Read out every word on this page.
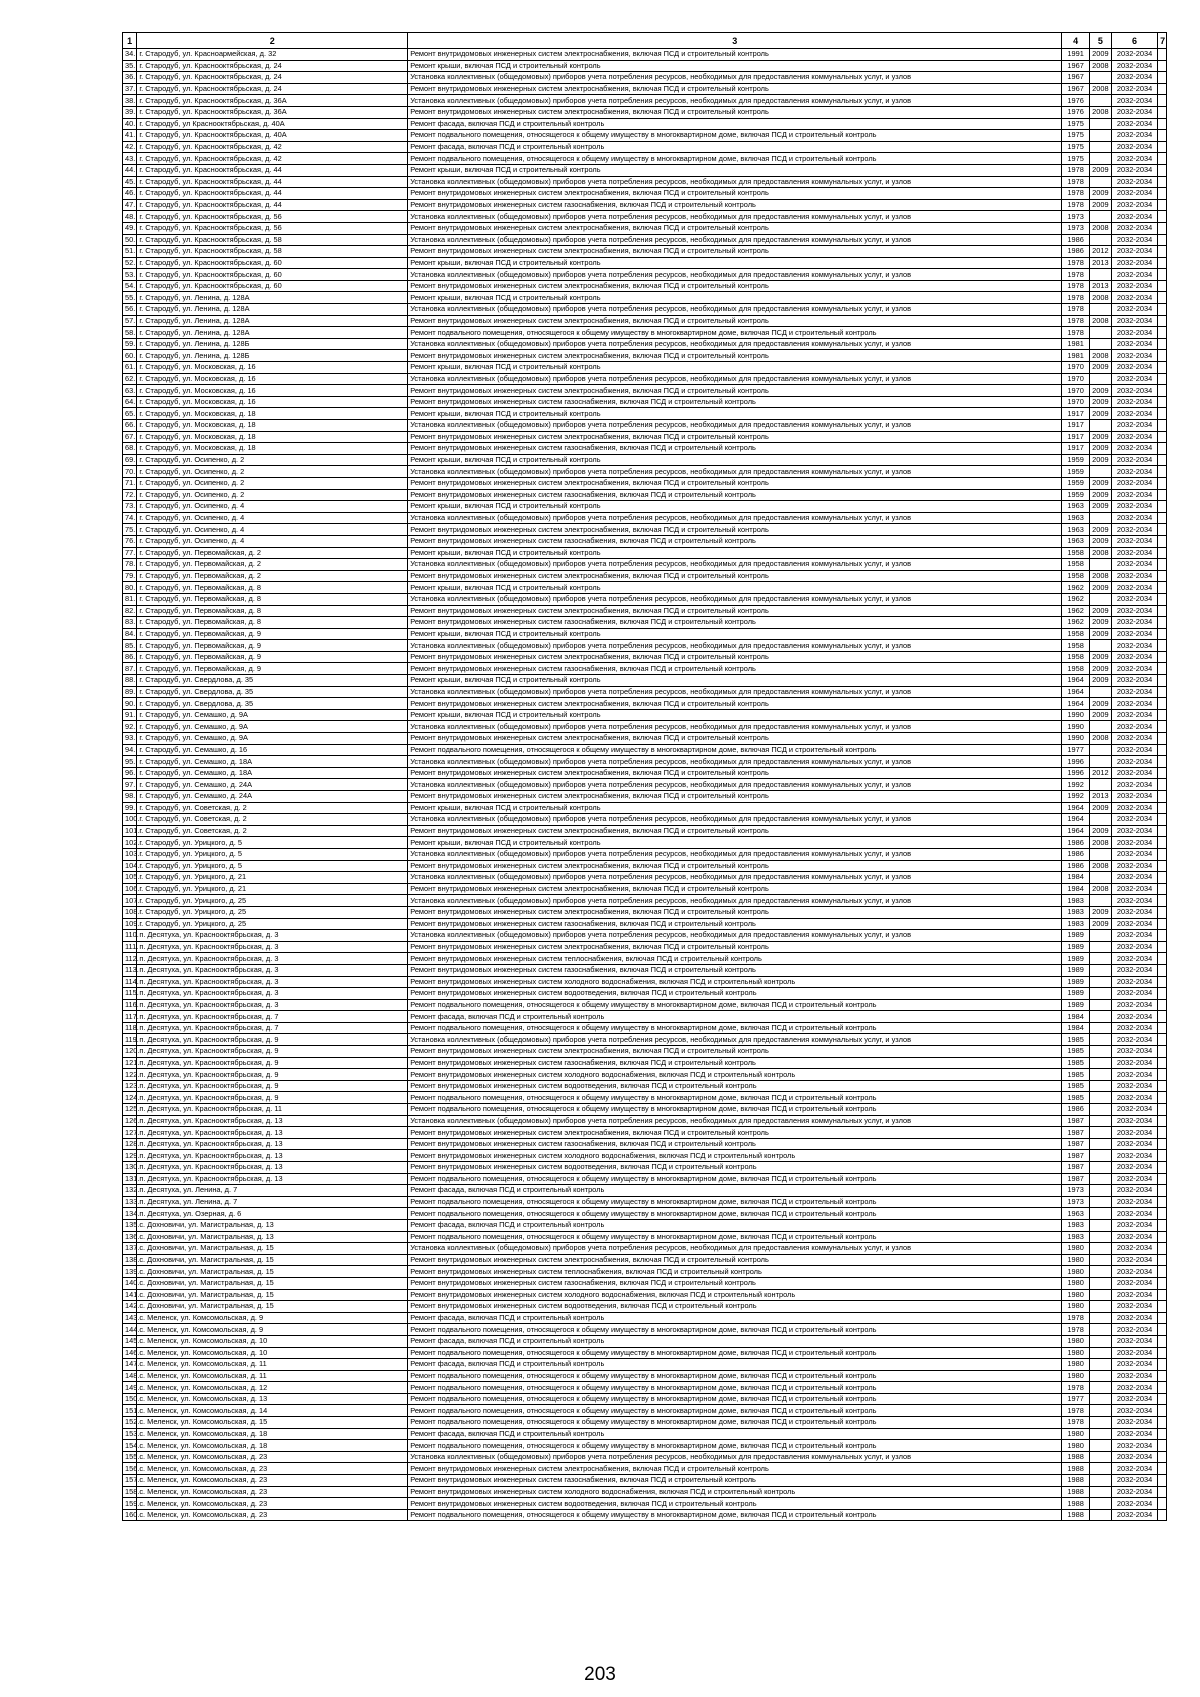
1	2	3	4	5	6	7
34.	г. Стародуб, ул. Красноармейская, д. 32	Ремонт внутридомовых инженерных систем электроснабжения, включая ПСД и строительный контроль	1991	2009	2032-2034	
35.	г. Стародуб, ул. Краснооктябрьская, д. 24	Ремонт крыши, включая ПСД и строительный контроль	1967	2008	2032-2034	
36.	г. Стародуб, ул. Краснооктябрьская, д. 24	Установка коллективных (общедомовых) приборов учета потребления ресурсов, необходимых для предоставления коммунальных услуг, и узлов	1967		2032-2034	
37.	г. Стародуб, ул. Краснооктябрьская, д. 24	Ремонт внутридомовых инженерных систем электроснабжения, включая ПСД и строительный контроль	1967	2008	2032-2034	
38.	г. Стародуб, ул. Краснооктябрьская, д. 36А	Установка коллективных (общедомовых) приборов учета потребления ресурсов, необходимых для предоставления коммунальных услуг, и узлов	1976		2032-2034	
39.	г. Стародуб, ул. Краснооктябрьская, д. 36А	Ремонт внутридомовых инженерных систем электроснабжения, включая ПСД и строительный контроль	1976	2008	2032-2034	
40.	г. Стародуб, ул Краснооктябрьская, д. 40А	Ремонт фасада, включая ПСД и строительный контроль	1975		2032-2034	
41.	г. Стародуб, ул. Краснооктябрьская, д. 40А	Ремонт подвального помещения, относящегося к общему имуществу в многоквартирном доме, включая ПСД и строительный контроль	1975		2032-2034	
42.	г. Стародуб, ул. Краснооктябрьская, д. 42	Ремонт фасада, включая ПСД и строительный контроль	1975		2032-2034	
43.	г. Стародуб, ул. Краснооктябрьская, д. 42	Ремонт подвального помещения, относящегося к общему имуществу в многоквартирном доме, включая ПСД и строительный контроль	1975		2032-2034	
44.	г. Стародуб, ул. Краснооктябрьская, д. 44	Ремонт крыши, включая ПСД и строительный контроль	1978	2009	2032-2034	
45.	г. Стародуб, ул. Краснооктябрьская, д. 44	Установка коллективных (общедомовых) приборов учета потребления ресурсов, необходимых для предоставления коммунальных услуг, и узлов	1978		2032-2034	
46.	г. Стародуб, ул. Краснооктябрьская, д. 44	Ремонт внутридомовых инженерных систем электроснабжения, включая ПСД и строительный контроль	1978	2009	2032-2034	
47.	г. Стародуб, ул. Краснооктябрьская, д. 44	Ремонт внутридомовых инженерных систем газоснабжения, включая ПСД и строительный контроль	1978	2009	2032-2034	
48.	г. Стародуб, ул. Краснооктябрьская, д. 56	Установка коллективных (общедомовых) приборов учета потребления ресурсов, необходимых для предоставления коммунальных услуг, и узлов	1973		2032-2034	
49.	г. Стародуб, ул. Краснооктябрьская, д. 56	Ремонт внутридомовых инженерных систем электроснабжения, включая ПСД и строительный контроль	1973	2008	2032-2034	
50.	г. Стародуб, ул. Краснооктябрьская, д. 58	Установка коллективных (общедомовых) приборов учета потребления ресурсов, необходимых для предоставления коммунальных услуг, и узлов	1986		2032-2034	
51.	г. Стародуб, ул. Краснооктябрьская, д. 58	Ремонт внутридомовых инженерных систем электроснабжения, включая ПСД и строительный контроль	1986	2012	2032-2034	
52.	г. Стародуб, ул. Краснооктябрьская, д. 60	Ремонт крыши, включая ПСД и строительный контроль	1978	2013	2032-2034	
53.	г. Стародуб, ул. Краснооктябрьская, д. 60	Установка коллективных (общедомовых) приборов учета потребления ресурсов, необходимых для предоставления коммунальных услуг, и узлов	1978		2032-2034	
54.	г. Стародуб, ул. Краснооктябрьская, д. 60	Ремонт внутридомовых инженерных систем электроснабжения, включая ПСД и строительный контроль	1978	2013	2032-2034	
55.	г. Стародуб, ул. Ленина, д. 128А	Ремонт крыши, включая ПСД и строительный контроль	1978	2008	2032-2034	
56.	г. Стародуб, ул. Ленина, д. 128А	Установка коллективных (общедомовых) приборов учета потребления ресурсов, необходимых для предоставления коммунальных услуг, и узлов	1978		2032-2034	
57.	г. Стародуб, ул. Ленина, д. 128А	Ремонт внутридомовых инженерных систем электроснабжения, включая ПСД и строительный контроль	1978	2008	2032-2034	
58.	г. Стародуб, ул. Ленина, д. 128А	Ремонт подвального помещения, относящегося к общему имуществу в многоквартирном доме, включая ПСД и строительный контроль	1978		2032-2034	
59.	г. Стародуб, ул. Ленина, д. 128Б	Установка коллективных (общедомовых) приборов учета потребления ресурсов, необходимых для предоставления коммунальных услуг, и узлов	1981		2032-2034	
60.	г. Стародуб, ул. Ленина, д. 128Б	Ремонт внутридомовых инженерных систем электроснабжения, включая ПСД и строительный контроль	1981	2008	2032-2034	
61.	г. Стародуб, ул. Московская, д. 16	Ремонт крыши, включая ПСД и строительный контроль	1970	2009	2032-2034	
62.	г. Стародуб, ул. Московская, д. 16	Установка коллективных (общедомовых) приборов учета потребления ресурсов, необходимых для предоставления коммунальных услуг, и узлов	1970		2032-2034	
63.	г. Стародуб, ул. Московская, д. 16	Ремонт внутридомовых инженерных систем электроснабжения, включая ПСД и строительный контроль	1970	2009	2032-2034	
64.	г. Стародуб, ул. Московская, д. 16	Ремонт внутридомовых инженерных систем газоснабжения, включая ПСД и строительный контроль	1970	2009	2032-2034	
65.	г. Стародуб, ул. Московская, д. 18	Ремонт крыши, включая ПСД и строительный контроль	1917	2009	2032-2034	
66.	г. Стародуб, ул. Московская, д. 18	Установка коллективных (общедомовых) приборов учета потребления ресурсов, необходимых для предоставления коммунальных услуг, и узлов	1917		2032-2034	
67.	г. Стародуб, ул. Московская, д. 18	Ремонт внутридомовых инженерных систем электроснабжения, включая ПСД и строительный контроль	1917	2009	2032-2034	
68.	г. Стародуб, ул. Московская, д. 18	Ремонт внутридомовых инженерных систем газоснабжения, включая ПСД и строительный контроль	1917	2009	2032-2034	
69.	г. Стародуб, ул. Осипенко, д. 2	Ремонт крыши, включая ПСД и строительный контроль	1959	2009	2032-2034	
70.	г. Стародуб, ул. Осипенко, д. 2	Установка коллективных (общедомовых) приборов учета потребления ресурсов, необходимых для предоставления коммунальных услуг, и узлов	1959		2032-2034	
71.	г. Стародуб, ул. Осипенко, д. 2	Ремонт внутридомовых инженерных систем электроснабжения, включая ПСД и строительный контроль	1959	2009	2032-2034	
72.	г. Стародуб, ул. Осипенко, д. 2	Ремонт внутридомовых инженерных систем газоснабжения, включая ПСД и строительный контроль	1959	2009	2032-2034	
73.	г. Стародуб, ул. Осипенко, д. 4	Ремонт крыши, включая ПСД и строительный контроль	1963	2009	2032-2034	
74.	г. Стародуб, ул. Осипенко, д. 4	Установка коллективных (общедомовых) приборов учета потребления ресурсов, необходимых для предоставления коммунальных услуг, и узлов	1963		2032-2034	
75.	г. Стародуб, ул. Осипенко, д. 4	Ремонт внутридомовых инженерных систем электроснабжения, включая ПСД и строительный контроль	1963	2009	2032-2034	
76.	г. Стародуб, ул. Осипенко, д. 4	Ремонт внутридомовых инженерных систем газоснабжения, включая ПСД и строительный контроль	1963	2009	2032-2034	
77.	г. Стародуб, ул. Первомайская, д. 2	Ремонт крыши, включая ПСД и строительный контроль	1958	2008	2032-2034	
78.	г. Стародуб, ул. Первомайская, д. 2	Установка коллективных (общедомовых) приборов учета потребления ресурсов, необходимых для предоставления коммунальных услуг, и узлов	1958		2032-2034	
79.	г. Стародуб, ул. Первомайская, д. 2	Ремонт внутридомовых инженерных систем электроснабжения, включая ПСД и строительный контроль	1958	2008	2032-2034	
80.	г. Стародуб, ул. Первомайская, д. 8	Ремонт крыши, включая ПСД и строительный контроль	1962	2009	2032-2034	
81.	г. Стародуб, ул. Первомайская, д. 8	Установка коллективных (общедомовых) приборов учета потребления ресурсов, необходимых для предоставления коммунальных услуг, и узлов	1962		2032-2034	
82.	г. Стародуб, ул. Первомайская, д. 8	Ремонт внутридомовых инженерных систем электроснабжения, включая ПСД и строительный контроль	1962	2009	2032-2034	
83.	г. Стародуб, ул. Первомайская, д. 8	Ремонт внутридомовых инженерных систем газоснабжения, включая ПСД и строительный контроль	1962	2009	2032-2034	
84.	г. Стародуб, ул. Первомайская, д. 9	Ремонт крыши, включая ПСД и строительный контроль	1958	2009	2032-2034	
85.	г. Стародуб, ул. Первомайская, д. 9	Установка коллективных (общедомовых) приборов учета потребления ресурсов, необходимых для предоставления коммунальных услуг, и узлов	1958		2032-2034	
86.	г. Стародуб, ул. Первомайская, д. 9	Ремонт внутридомовых инженерных систем электроснабжения, включая ПСД и строительный контроль	1958	2009	2032-2034	
87.	г. Стародуб, ул. Первомайская, д. 9	Ремонт внутридомовых инженерных систем газоснабжения, включая ПСД и строительный контроль	1958	2009	2032-2034	
88.	г. Стародуб, ул. Свердлова, д. 35	Ремонт крыши, включая ПСД и строительный контроль	1964	2009	2032-2034	
89.	г. Стародуб, ул. Свердлова, д. 35	Установка коллективных (общедомовых) приборов учета потребления ресурсов, необходимых для предоставления коммунальных услуг, и узлов	1964		2032-2034	
90.	г. Стародуб, ул. Свердлова, д. 35	Ремонт внутридомовых инженерных систем электроснабжения, включая ПСД и строительный контроль	1964	2009	2032-2034	
91.	г. Стародуб, ул. Семашко, д. 9А	Ремонт крыши, включая ПСД и строительный контроль	1990	2009	2032-2034	
92.	г. Стародуб, ул. Семашко, д. 9А	Установка коллективных (общедомовых) приборов учета потребления ресурсов, необходимых для предоставления коммунальных услуг, и узлов	1990		2032-2034	
93.	г. Стародуб, ул. Семашко, д. 9А	Ремонт внутридомовых инженерных систем электроснабжения, включая ПСД и строительный контроль	1990	2008	2032-2034	
94.	г. Стародуб, ул. Семашко, д. 16	Ремонт подвального помещения, относящегося к общему имуществу в многоквартирном доме, включая ПСД и строительный контроль	1977		2032-2034	
95.	г. Стародуб, ул. Семашко, д. 18А	Установка коллективных (общедомовых) приборов учета потребления ресурсов, необходимых для предоставления коммунальных услуг, и узлов	1996		2032-2034	
96.	г. Стародуб, ул. Семашко, д. 18А	Ремонт внутридомовых инженерных систем электроснабжения, включая ПСД и строительный контроль	1996	2012	2032-2034	
97.	г. Стародуб, ул. Семашко, д. 24А	Установка коллективных (общедомовых) приборов учета потребления ресурсов, необходимых для предоставления коммунальных услуг, и узлов	1992		2032-2034	
98.	г. Стародуб, ул. Семашко, д. 24А	Ремонт внутридомовых инженерных систем электроснабжения, включая ПСД и строительный контроль	1992	2013	2032-2034	
99.	г. Стародуб, ул. Советская, д. 2	Ремонт крыши, включая ПСД и строительный контроль	1964	2009	2032-2034	
100.	г. Стародуб, ул. Советская, д. 2	Установка коллективных (общедомовых) приборов учета потребления ресурсов, необходимых для предоставления коммунальных услуг, и узлов	1964		2032-2034	
101.	г. Стародуб, ул. Советская, д. 2	Ремонт внутридомовых инженерных систем электроснабжения, включая ПСД и строительный контроль	1964	2009	2032-2034	
102.	г. Стародуб, ул. Урицкого, д. 5	Ремонт крыши, включая ПСД и строительный контроль	1986	2008	2032-2034	
103.	г. Стародуб, ул. Урицкого, д. 5	Установка коллективных (общедомовых) приборов учета потребления ресурсов, необходимых для предоставления коммунальных услуг, и узлов	1986		2032-2034	
104.	г. Стародуб, ул. Урицкого, д. 5	Ремонт внутридомовых инженерных систем электроснабжения, включая ПСД и строительный контроль	1986	2008	2032-2034	
105.	г. Стародуб, ул. Урицкого, д. 21	Установка коллективных (общедомовых) приборов учета потребления ресурсов, необходимых для предоставления коммунальных услуг, и узлов	1984		2032-2034	
106.	г. Стародуб, ул. Урицкого, д. 21	Ремонт внутридомовых инженерных систем электроснабжения, включая ПСД и строительный контроль	1984	2008	2032-2034	
107.	г. Стародуб, ул. Урицкого, д. 25	Установка коллективных (общедомовых) приборов учета потребления ресурсов, необходимых для предоставления коммунальных услуг, и узлов	1983		2032-2034	
108.	г. Стародуб, ул. Урицкого, д. 25	Ремонт внутридомовых инженерных систем электроснабжения, включая ПСД и строительный контроль	1983	2009	2032-2034	
109.	г. Стародуб, ул. Урицкого, д. 25	Ремонт внутридомовых инженерных систем газоснабжения, включая ПСД и строительный контроль	1983	2009	2032-2034	
110.	п. Десятуха, ул. Краснооктябрьская, д. 3	Установка коллективных (общедомовых) приборов учета потребления ресурсов, необходимых для предоставления коммунальных услуг, и узлов	1989		2032-2034	
111.	п. Десятуха, ул. Краснооктябрьская, д. 3	Ремонт внутридомовых инженерных систем электроснабжения, включая ПСД и строительный контроль	1989		2032-2034	
112.	п. Десятуха, ул. Краснооктябрьская, д. 3	Ремонт внутридомовых инженерных систем теплоснабжения, включая ПСД и строительный контроль	1989		2032-2034	
113.	п. Десятуха, ул. Краснооктябрьская, д. 3	Ремонт внутридомовых инженерных систем газоснабжения, включая ПСД и строительный контроль	1989		2032-2034	
114.	п. Десятуха, ул. Краснооктябрьская, д. 3	Ремонт внутридомовых инженерных систем холодного водоснабжения, включая ПСД и строительный контроль	1989		2032-2034	
115.	п. Десятуха, ул. Краснооктябрьская, д. 3	Ремонт внутридомовых инженерных систем водоотведения, включая ПСД и строительный контроль	1989		2032-2034	
116.	п. Десятуха, ул. Краснооктябрьская, д. 3	Ремонт подвального помещения, относящегося к общему имуществу в многоквартирном доме, включая ПСД и строительный контроль	1989		2032-2034	
117.	п. Десятуха, ул. Краснооктябрьская, д. 7	Ремонт фасада, включая ПСД и строительный контроль	1984		2032-2034	
118.	п. Десятуха, ул. Краснооктябрьская, д. 7	Ремонт подвального помещения, относящегося к общему имуществу в многоквартирном доме, включая ПСД и строительный контроль	1984		2032-2034	
119.	п. Десятуха, ул. Краснооктябрьская, д. 9	Установка коллективных (общедомовых) приборов учета потребления ресурсов, необходимых для предоставления коммунальных услуг, и узлов	1985		2032-2034	
120.	п. Десятуха, ул. Краснооктябрьская, д. 9	Ремонт внутридомовых инженерных систем электроснабжения, включая ПСД и строительный контроль	1985		2032-2034	
121.	п. Десятуха, ул. Краснооктябрьская, д. 9	Ремонт внутридомовых инженерных систем газоснабжения, включая ПСД и строительный контроль	1985		2032-2034	
122.	п. Десятуха, ул. Краснооктябрьская, д. 9	Ремонт внутридомовых инженерных систем холодного водоснабжения, включая ПСД и строительный контроль	1985		2032-2034	
123.	п. Десятуха, ул. Краснооктябрьская, д. 9	Ремонт внутридомовых инженерных систем водоотведения, включая ПСД и строительный контроль	1985		2032-2034	
124.	п. Десятуха, ул. Краснооктябрьская, д. 9	Ремонт подвального помещения, относящегося к общему имуществу в многоквартирном доме, включая ПСД и строительный контроль	1985		2032-2034	
125.	п. Десятуха, ул. Краснооктябрьская, д. 11	Ремонт подвального помещения, относящегося к общему имуществу в многоквартирном доме, включая ПСД и строительный контроль	1986		2032-2034	
126.	п. Десятуха, ул. Краснооктябрьская, д. 13	Установка коллективных (общедомовых) приборов учета потребления ресурсов, необходимых для предоставления коммунальных услуг, и узлов	1987		2032-2034	
127.	п. Десятуха, ул. Краснооктябрьская, д. 13	Ремонт внутридомовых инженерных систем электроснабжения, включая ПСД и строительный контроль	1987		2032-2034	
128.	п. Десятуха, ул. Краснооктябрьская, д. 13	Ремонт внутридомовых инженерных систем газоснабжения, включая ПСД и строительный контроль	1987		2032-2034	
129.	п. Десятуха, ул. Краснооктябрьская, д. 13	Ремонт внутридомовых инженерных систем холодного водоснабжения, включая ПСД и строительный контроль	1987		2032-2034	
130.	п. Десятуха, ул. Краснооктябрьская, д. 13	Ремонт внутридомовых инженерных систем водоотведения, включая ПСД и строительный контроль	1987		2032-2034	
131.	п. Десятуха, ул. Краснооктябрьская, д. 13	Ремонт подвального помещения, относящегося к общему имуществу в многоквартирном доме, включая ПСД и строительный контроль	1987		2032-2034	
132.	п. Десятуха, ул. Ленина, д. 7	Ремонт фасада, включая ПСД и строительный контроль	1973		2032-2034	
133.	п. Десятуха, ул. Ленина, д. 7	Ремонт подвального помещения, относящегося к общему имуществу в многоквартирном доме, включая ПСД и строительный контроль	1973		2032-2034	
134.	п. Десятуха, ул. Озерная, д. 6	Ремонт подвального помещения, относящегося к общему имуществу в многоквартирном доме, включая ПСД и строительный контроль	1963		2032-2034	
135.	с. Дохновичи, ул. Магистральная, д. 13	Ремонт фасада, включая ПСД и строительный контроль	1983		2032-2034	
136.	с. Дохновичи, ул. Магистральная, д. 13	Ремонт подвального помещения, относящегося к общему имуществу в многоквартирном доме, включая ПСД и строительный контроль	1983		2032-2034	
137.	с. Дохновичи, ул. Магистральная, д. 15	Установка коллективных (общедомовых) приборов учета потребления ресурсов, необходимых для предоставления коммунальных услуг, и узлов	1980		2032-2034	
138.	с. Дохновичи, ул. Магистральная, д. 15	Ремонт внутридомовых инженерных систем электроснабжения, включая ПСД и строительный контроль	1980		2032-2034	
139.	с. Дохновичи, ул. Магистральная, д. 15	Ремонт внутридомовых инженерных систем теплоснабжения, включая ПСД и строительный контроль	1980		2032-2034	
140.	с. Дохновичи, ул. Магистральная, д. 15	Ремонт внутридомовых инженерных систем газоснабжения, включая ПСД и строительный контроль	1980		2032-2034	
141.	с. Дохновичи, ул. Магистральная, д. 15	Ремонт внутридомовых инженерных систем холодного водоснабжения, включая ПСД и строительный контроль	1980		2032-2034	
142.	с. Дохновичи, ул. Магистральная, д. 15	Ремонт внутридомовых инженерных систем водоотведения, включая ПСД и строительный контроль	1980		2032-2034	
143.	с. Меленск, ул. Комсомольская, д. 9	Ремонт фасада, включая ПСД и строительный контроль	1978		2032-2034	
144.	с. Меленск, ул. Комсомольская, д. 9	Ремонт подвального помещения, относящегося к общему имуществу в многоквартирном доме, включая ПСД и строительный контроль	1978		2032-2034	
145.	с. Меленск, ул. Комсомольская, д. 10	Ремонт фасада, включая ПСД и строительный контроль	1980		2032-2034	
146.	с. Меленск, ул. Комсомольская, д. 10	Ремонт подвального помещения, относящегося к общему имуществу в многоквартирном доме, включая ПСД и строительный контроль	1980		2032-2034	
147.	с. Меленск, ул. Комсомольская, д. 11	Ремонт фасада, включая ПСД и строительный контроль	1980		2032-2034	
148.	с. Меленск, ул. Комсомольская, д. 11	Ремонт подвального помещения, относящегося к общему имуществу в многоквартирном доме, включая ПСД и строительный контроль	1980		2032-2034	
149.	с. Меленск, ул. Комсомольская, д. 12	Ремонт подвального помещения, относящегося к общему имуществу в многоквартирном доме, включая ПСД и строительный контроль	1978		2032-2034	
150.	с. Меленск, ул. Комсомольская, д. 13	Ремонт подвального помещения, относящегося к общему имуществу в многоквартирном доме, включая ПСД и строительный контроль	1977		2032-2034	
151.	с. Меленск, ул. Комсомольская, д. 14	Ремонт подвального помещения, относящегося к общему имуществу в многоквартирном доме, включая ПСД и строительный контроль	1978		2032-2034	
152.	с. Меленск, ул. Комсомольская, д. 15	Ремонт подвального помещения, относящегося к общему имуществу в многоквартирном доме, включая ПСД и строительный контроль	1978		2032-2034	
153.	с. Меленск, ул. Комсомольская, д. 18	Ремонт фасада, включая ПСД и строительный контроль	1980		2032-2034	
154.	с. Меленск, ул. Комсомольская, д. 18	Ремонт подвального помещения, относящегося к общему имуществу в многоквартирном доме, включая ПСД и строительный контроль	1980		2032-2034	
155.	с. Меленск, ул. Комсомольская, д. 23	Установка коллективных (общедомовых) приборов учета потребления ресурсов, необходимых для предоставления коммунальных услуг, и узлов	1988		2032-2034	
156.	с. Меленск, ул. Комсомольская, д. 23	Ремонт внутридомовых инженерных систем электроснабжения, включая ПСД и строительный контроль	1988		2032-2034	
157.	с. Меленск, ул. Комсомольская, д. 23	Ремонт внутридомовых инженерных систем газоснабжения, включая ПСД и строительный контроль	1988		2032-2034	
158.	с. Меленск, ул. Комсомольская, д. 23	Ремонт внутридомовых инженерных систем холодного водоснабжения, включая ПСД и строительный контроль	1988		2032-2034	
159.	с. Меленск, ул. Комсомольская, д. 23	Ремонт внутридомовых инженерных систем водоотведения, включая ПСД и строительный контроль	1988		2032-2034	
160.	с. Меленск, ул. Комсомольская, д. 23	Ремонт подвального помещения, относящегося к общему имуществу в многоквартирном доме, включая ПСД и строительный контроль	1988		2032-2034	
203
